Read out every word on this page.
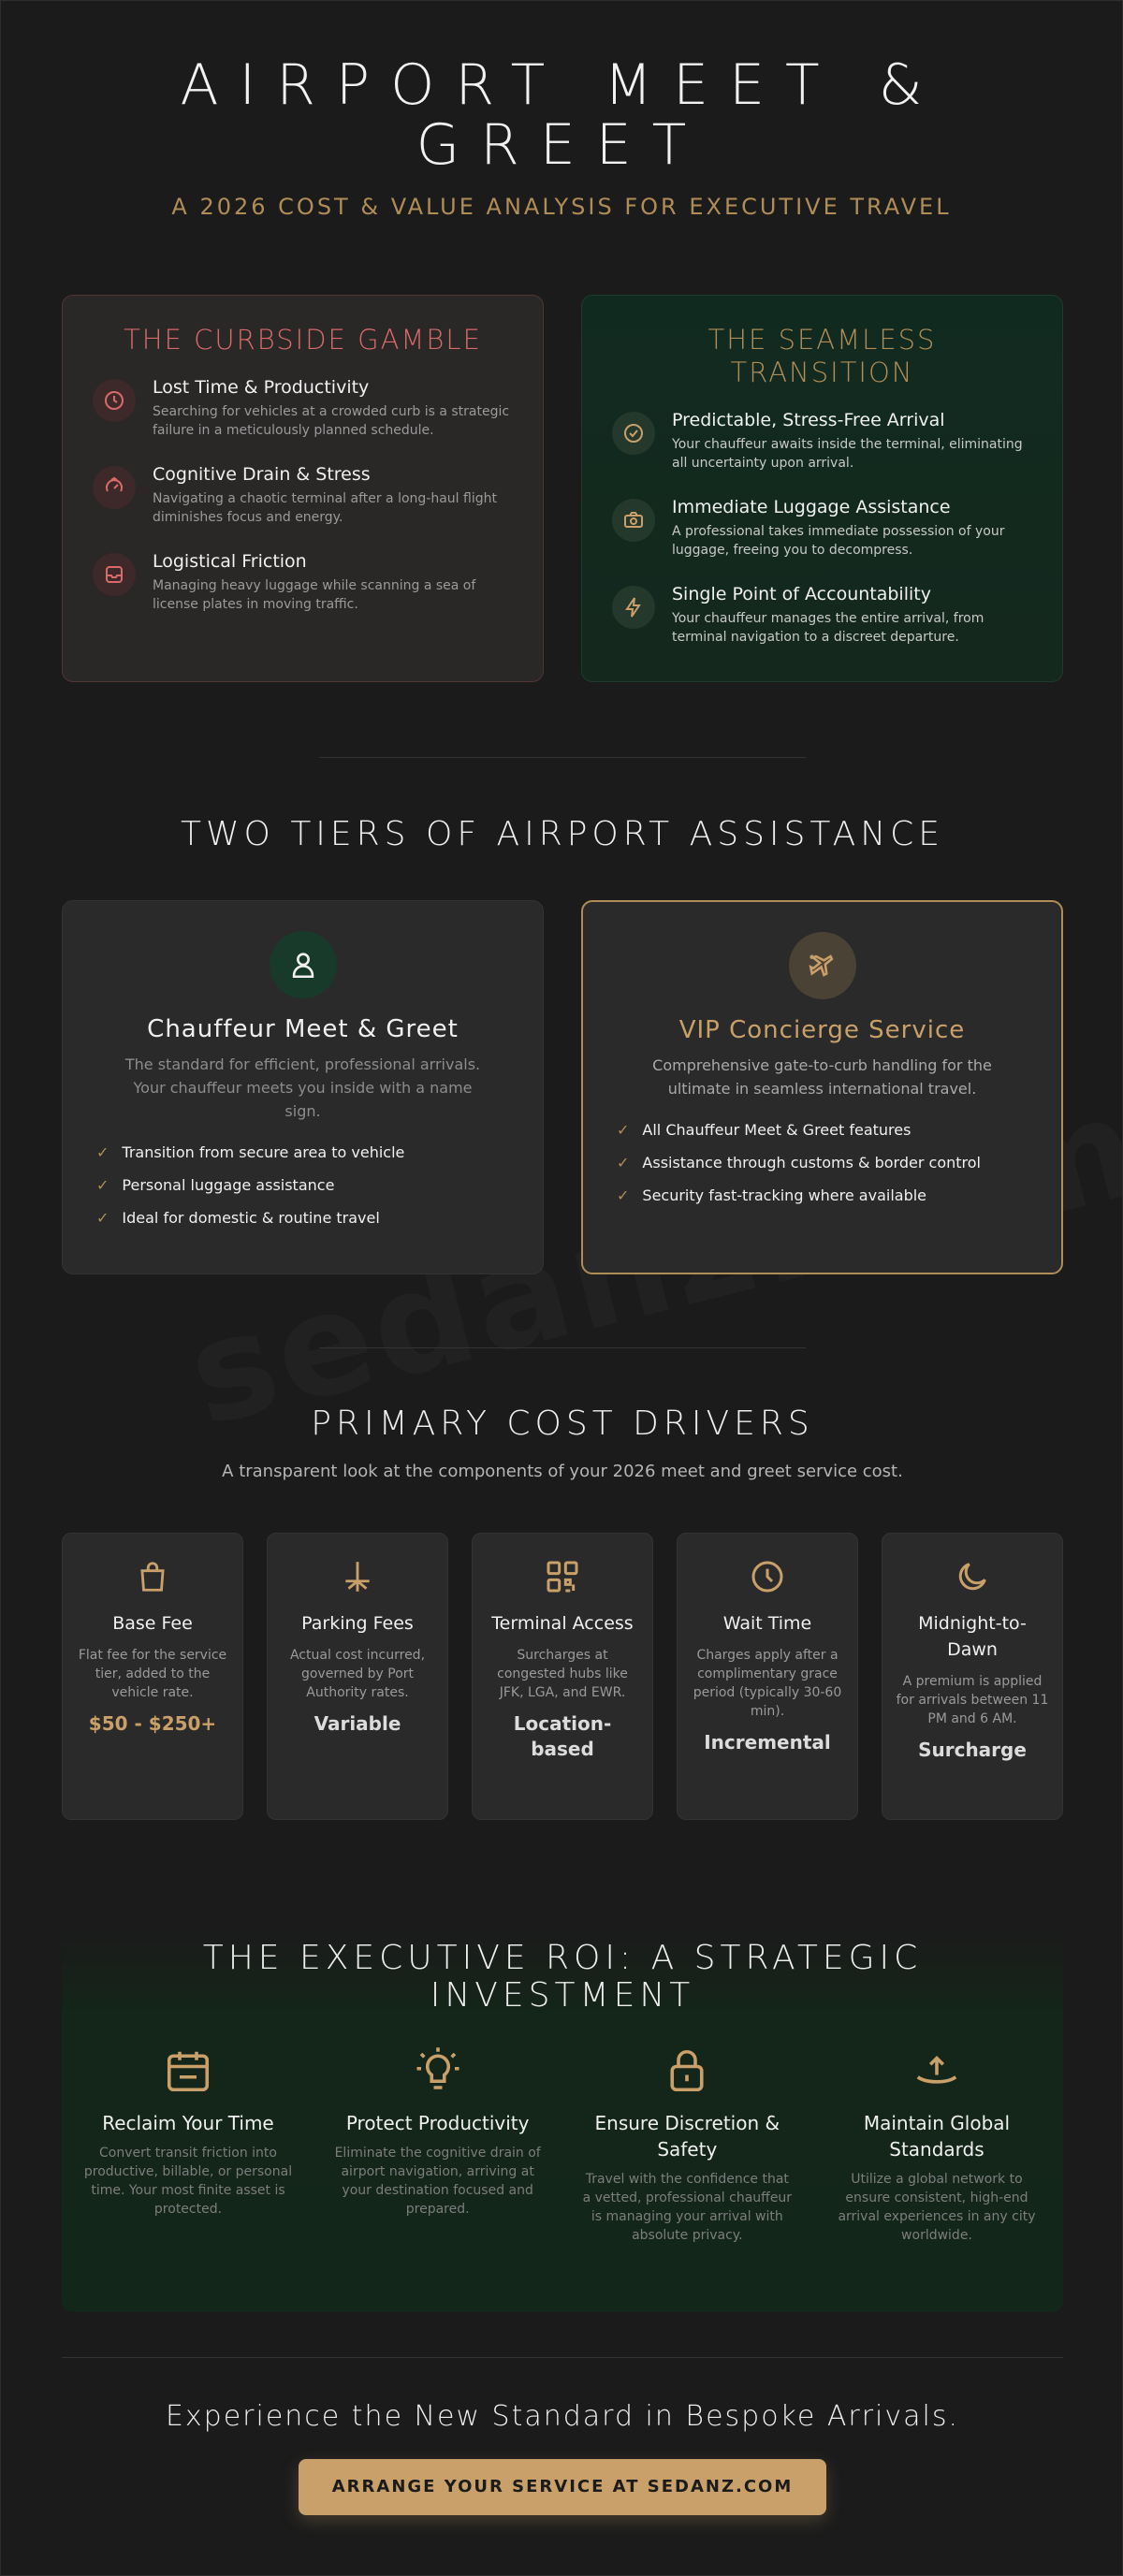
AIRPORT MEET & GREET
A 2026 COST & VALUE ANALYSIS FOR EXECUTIVE TRAVEL
THE CURBSIDE GAMBLE
Lost Time & Productivity

Searching for vehicles at a crowded curb is a strategic failure in a meticulously planned schedule.

Cognitive Drain & Stress

Navigating a chaotic terminal after a long-haul flight diminishes focus and energy.

Logistical Friction

Managing heavy luggage while scanning a sea of license plates in moving traffic.

THE SEAMLESS TRANSITION
Predictable, Stress-Free Arrival

Your chauffeur awaits inside the terminal, eliminating all uncertainty upon arrival.

Immediate Luggage Assistance

A professional takes immediate possession of your luggage, freeing you to decompress.

Single Point of Accountability

Your chauffeur manages the entire arrival, from terminal navigation to a discreet departure.

TWO TIERS OF AIRPORT ASSISTANCE
Chauffeur Meet & Greet

The standard for efficient, professional arrivals. Your chauffeur meets you inside with a name sign.

✓ Transition from secure area to vehicle
✓ Personal luggage assistance
✓ Ideal for domestic & routine travel
VIP Concierge Service

Comprehensive gate-to-curb handling for the ultimate in seamless international travel.

✓ All Chauffeur Meet & Greet features
✓ Assistance through customs & border control
✓ Security fast-tracking where available
PRIMARY COST DRIVERS
A transparent look at the components of your 2026 meet and greet service cost.
Base Fee

Flat fee for the service tier, added to the vehicle rate.

$50 - $250+
Parking Fees

Actual cost incurred, governed by Port Authority rates.

Variable
Terminal Access

Surcharges at congested hubs like JFK, LGA, and EWR.

Location-based
Wait Time

Charges apply after a complimentary grace period (typically 30-60 min).

Incremental
Midnight-to-Dawn

A premium is applied for arrivals between 11 PM and 6 AM.

Surcharge
THE EXECUTIVE ROI: A STRATEGIC INVESTMENT
Reclaim Your Time

Convert transit friction into productive, billable, or personal time. Your most finite asset is protected.

Protect Productivity

Eliminate the cognitive drain of airport navigation, arriving at your destination focused and prepared.

Ensure Discretion & Safety

Travel with the confidence that a vetted, professional chauffeur is managing your arrival with absolute privacy.

Maintain Global Standards

Utilize a global network to ensure consistent, high-end arrival experiences in any city worldwide.

Experience the New Standard in Bespoke Arrivals.
ARRANGE YOUR SERVICE AT SEDANZ.COM
